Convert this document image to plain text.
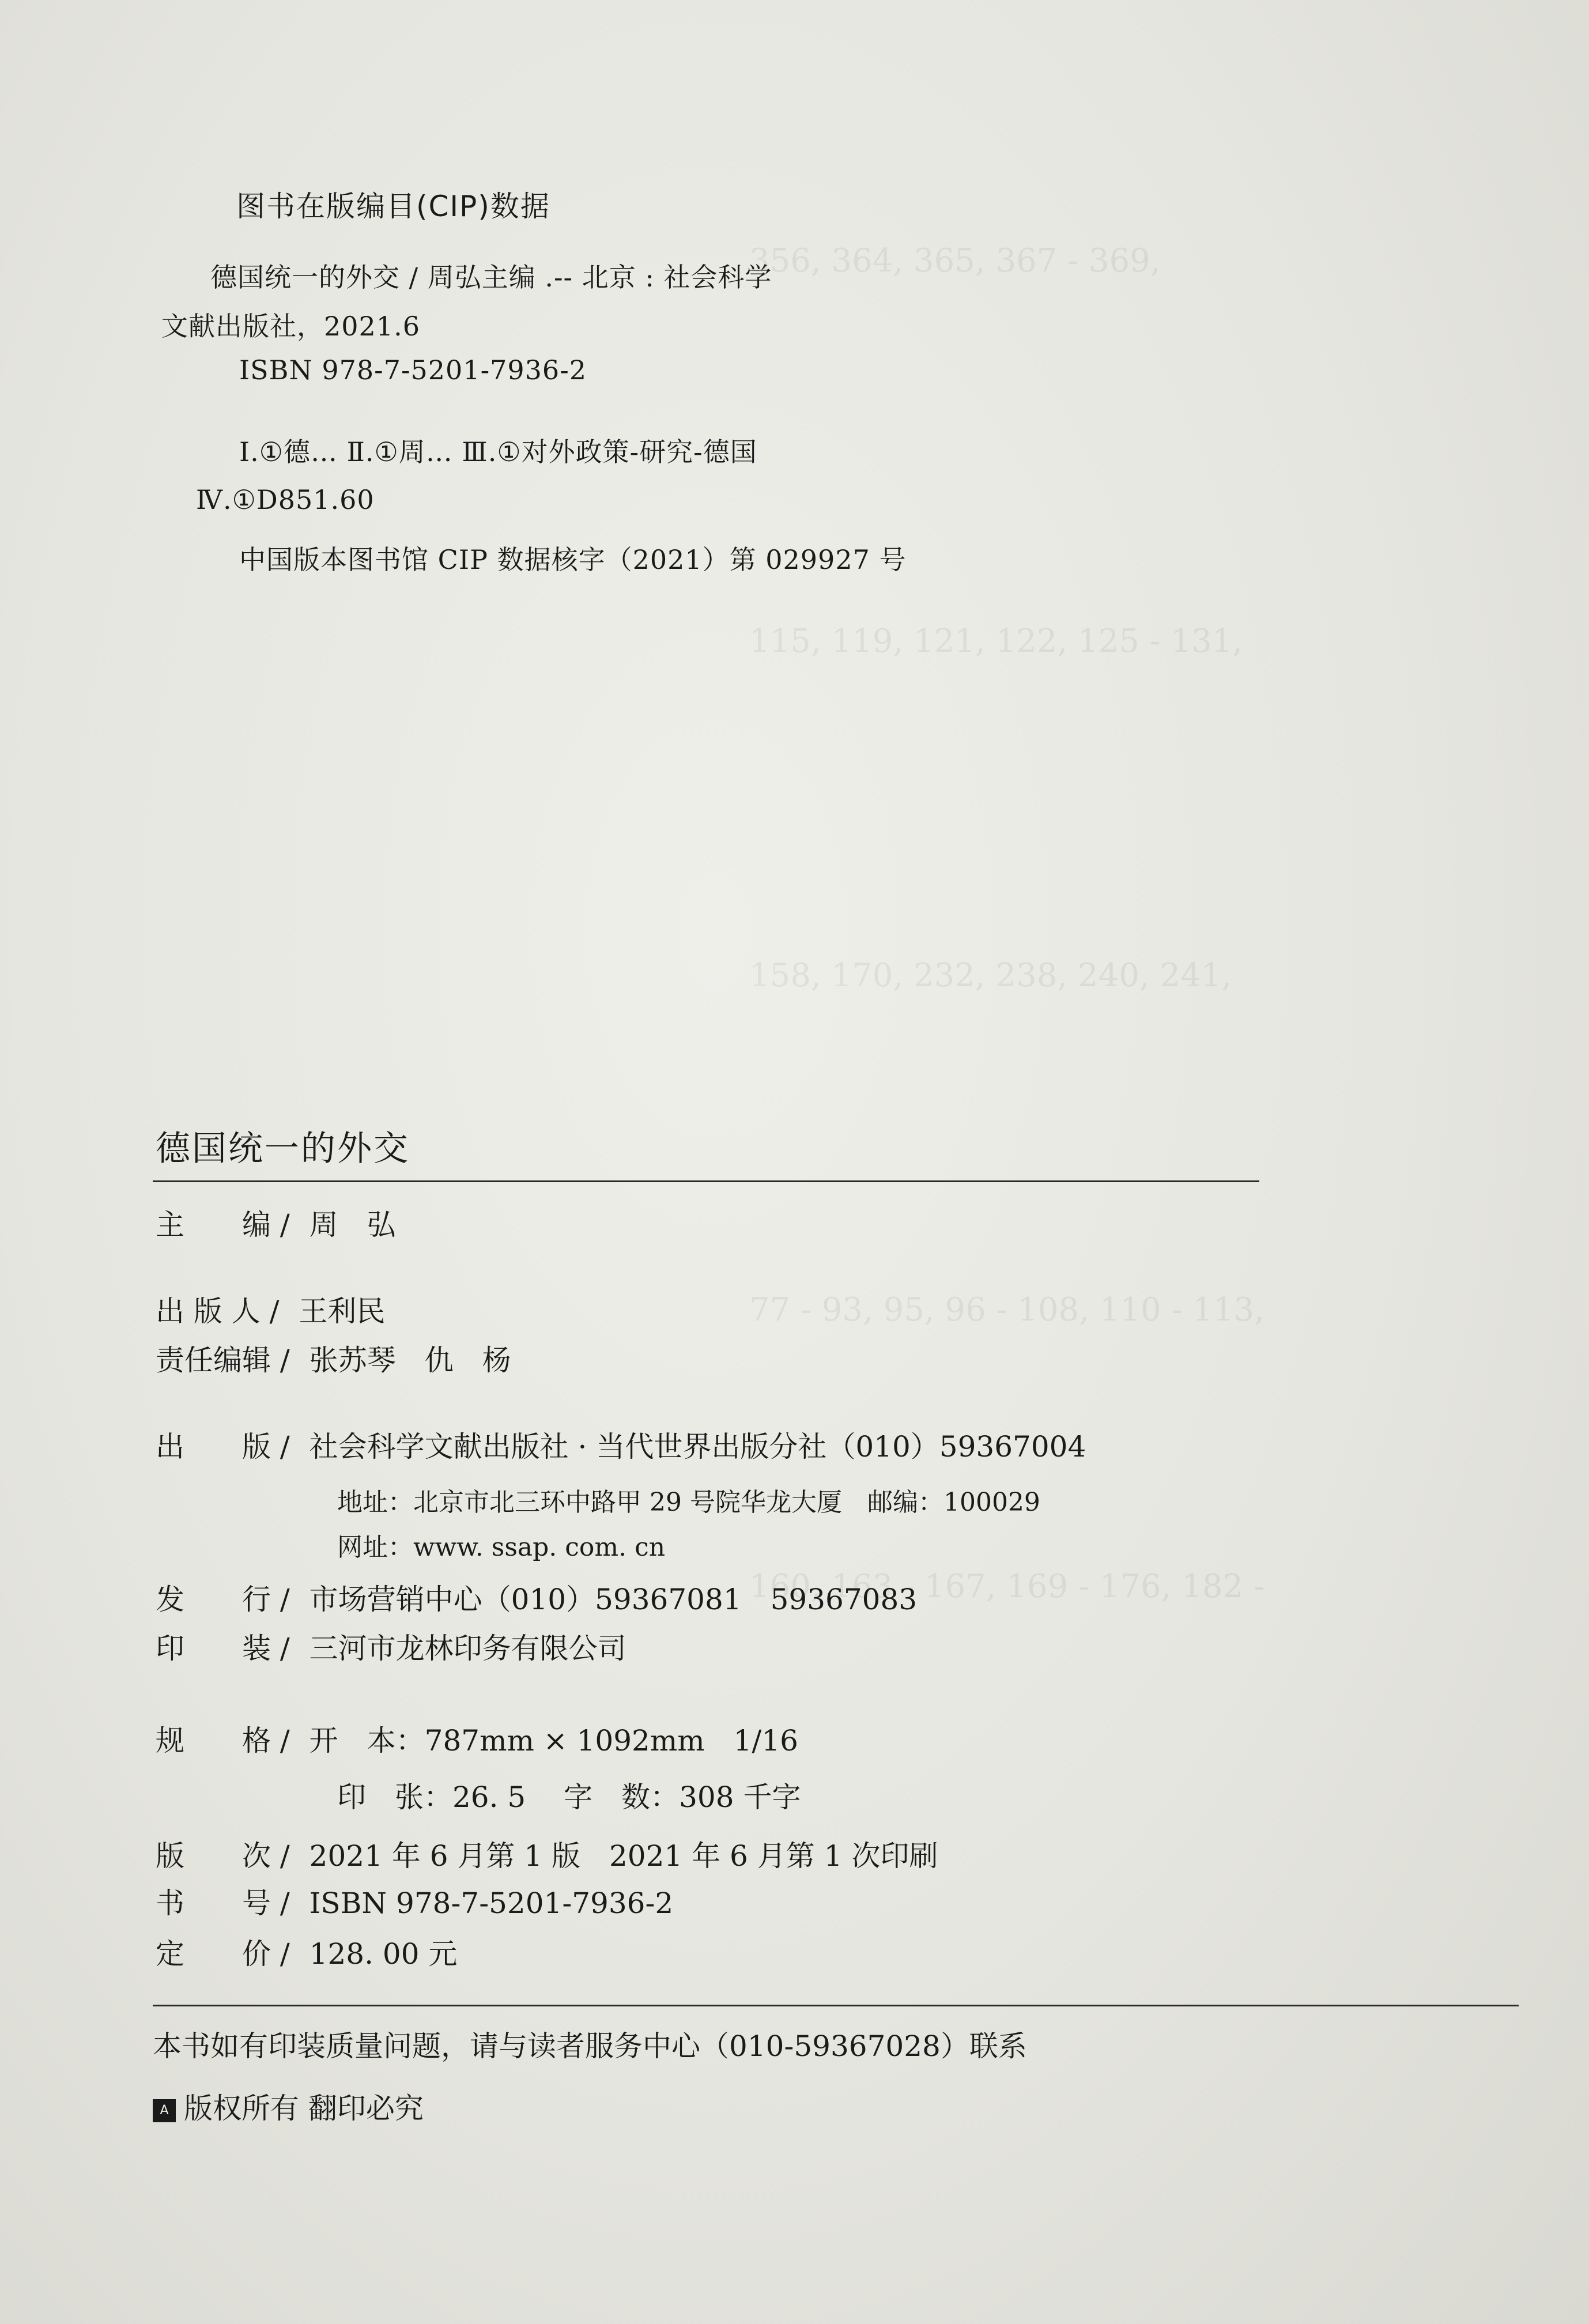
356, 364, 365, 367 - 369,
115, 119, 121, 122, 125 - 131,
158, 170, 232, 238, 240, 241,
77 - 93, 95, 96 - 108, 110 - 113,
160, 163 - 167, 169 - 176, 182 -
图书在版编目(CIP)数据
德国统一的外交 / 周弘主编 .-- 北京 : 社会科学
文献出版社，2021.6
ISBN 978-7-5201-7936-2
Ⅰ.①德… Ⅱ.①周… Ⅲ.①对外政策-研究-德国
Ⅳ.①D851.60
中国版本图书馆 CIP 数据核字（2021）第 029927 号
德国统一的外交
主　　编 / 周　弘
出 版 人 / 王利民
责任编辑 / 张苏琴　仇　杨
出　　版 / 社会科学文献出版社 · 当代世界出版分社（010）59367004
地址：北京市北三环中路甲 29 号院华龙大厦　邮编：100029
网址：www. ssap. com. cn
发　　行 / 市场营销中心（010）59367081　59367083
印　　装 / 三河市龙林印务有限公司
规　　格 / 开　本：787mm × 1092mm　1/16
印　张：26. 5　 字　数：308 千字
版　　次 / 2021 年 6 月第 1 版　2021 年 6 月第 1 次印刷
书　　号 / ISBN 978-7-5201-7936-2
定　　价 / 128. 00 元
本书如有印装质量问题，请与读者服务中心（010-59367028）联系
A 版权所有 翻印必究
